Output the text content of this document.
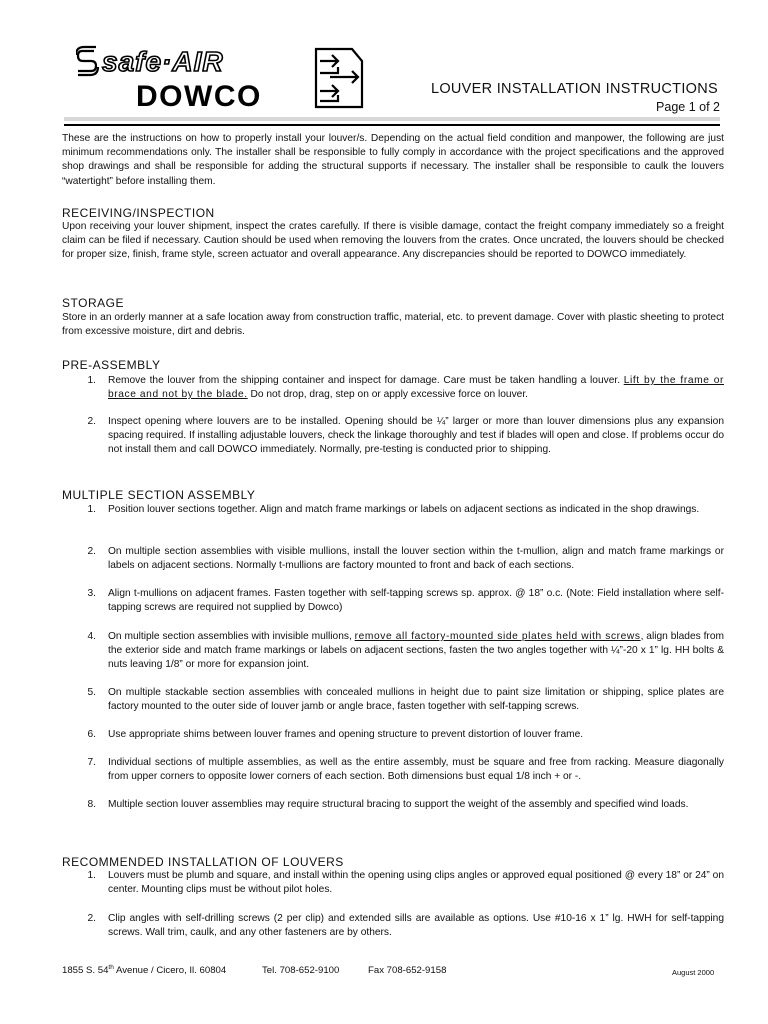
safe·AIR
DOWCO	LOUVER INSTALLATION INSTRUCTIONS
Page 1 of 2

These are the instructions on how to properly install your louver/s. Depending on the actual field condition and manpower, the following are just minimum recommendations only. The installer shall be responsible to fully comply in accordance with the project specifications and the approved shop drawings and shall be responsible for adding the structural supports if necessary. The installer shall be responsible to caulk the louvers “watertight” before installing them.

RECEIVING/INSPECTION

Upon receiving your louver shipment, inspect the crates carefully. If there is visible damage, contact the freight company immediately so a freight claim can be filed if necessary. Caution should be used when removing the louvers from the crates. Once uncrated, the louvers should be checked for proper size, finish, frame style, screen actuator and overall appearance. Any discrepancies should be reported to DOWCO immediately.

STORAGE

Store in an orderly manner at a safe location away from construction traffic, material, etc. to prevent damage. Cover with plastic sheeting to protect from excessive moisture, dirt and debris.

PRE-ASSEMBLY
1. Remove the louver from the shipping container and inspect for damage. Care must be taken handling a louver. Lift by the frame or brace and not by the blade. Do not drop, drag, step on or apply excessive force on louver.
2. Inspect opening where louvers are to be installed. Opening should be ¼” larger or more than louver dimensions plus any expansion spacing required. If installing adjustable louvers, check the linkage thoroughly and test if blades will open and close. If problems occur do not install them and call DOWCO immediately. Normally, pre-testing is conducted prior to shipping.
MULTIPLE SECTION ASSEMBLY
1. Position louver sections together. Align and match frame markings or labels on adjacent sections as indicated in the shop drawings.
2. On multiple section assemblies with visible mullions, install the louver section within the t-mullion, align and match frame markings or labels on adjacent sections. Normally t-mullions are factory mounted to front and back of each sections.
3. Align t-mullions on adjacent frames. Fasten together with self-tapping screws sp. approx. @ 18” o.c. (Note: Field installation where self-tapping screws are required not supplied by Dowco)
4. On multiple section assemblies with invisible mullions, remove all factory-mounted side plates held with screws, align blades from the exterior side and match frame markings or labels on adjacent sections, fasten the two angles together with ¼”-20 x 1” lg. HH bolts & nuts leaving 1/8” or more for expansion joint.
5. On multiple stackable section assemblies with concealed mullions in height due to paint size limitation or shipping, splice plates are factory mounted to the outer side of louver jamb or angle brace, fasten together with self-tapping screws.
6. Use appropriate shims between louver frames and opening structure to prevent distortion of louver frame.
7. Individual sections of multiple assemblies, as well as the entire assembly, must be square and free from racking. Measure diagonally from upper corners to opposite lower corners of each section. Both dimensions bust equal 1/8 inch + or -.
8. Multiple section louver assemblies may require structural bracing to support the weight of the assembly and specified wind loads.
RECOMMENDED INSTALLATION OF LOUVERS
1. Louvers must be plumb and square, and install within the opening using clips angles or approved equal positioned @ every 18” or 24” on center. Mounting clips must be without pilot holes.
2. Clip angles with self-drilling screws (2 per clip) and extended sills are available as options. Use #10-16 x 1” lg. HWH for self-tapping screws. Wall trim, caulk, and any other fasteners are by others.
1855 S. 54th Avenue / Cicero, Il. 60804	Tel. 708-652-9100	Fax 708-652-9158	August 2000
